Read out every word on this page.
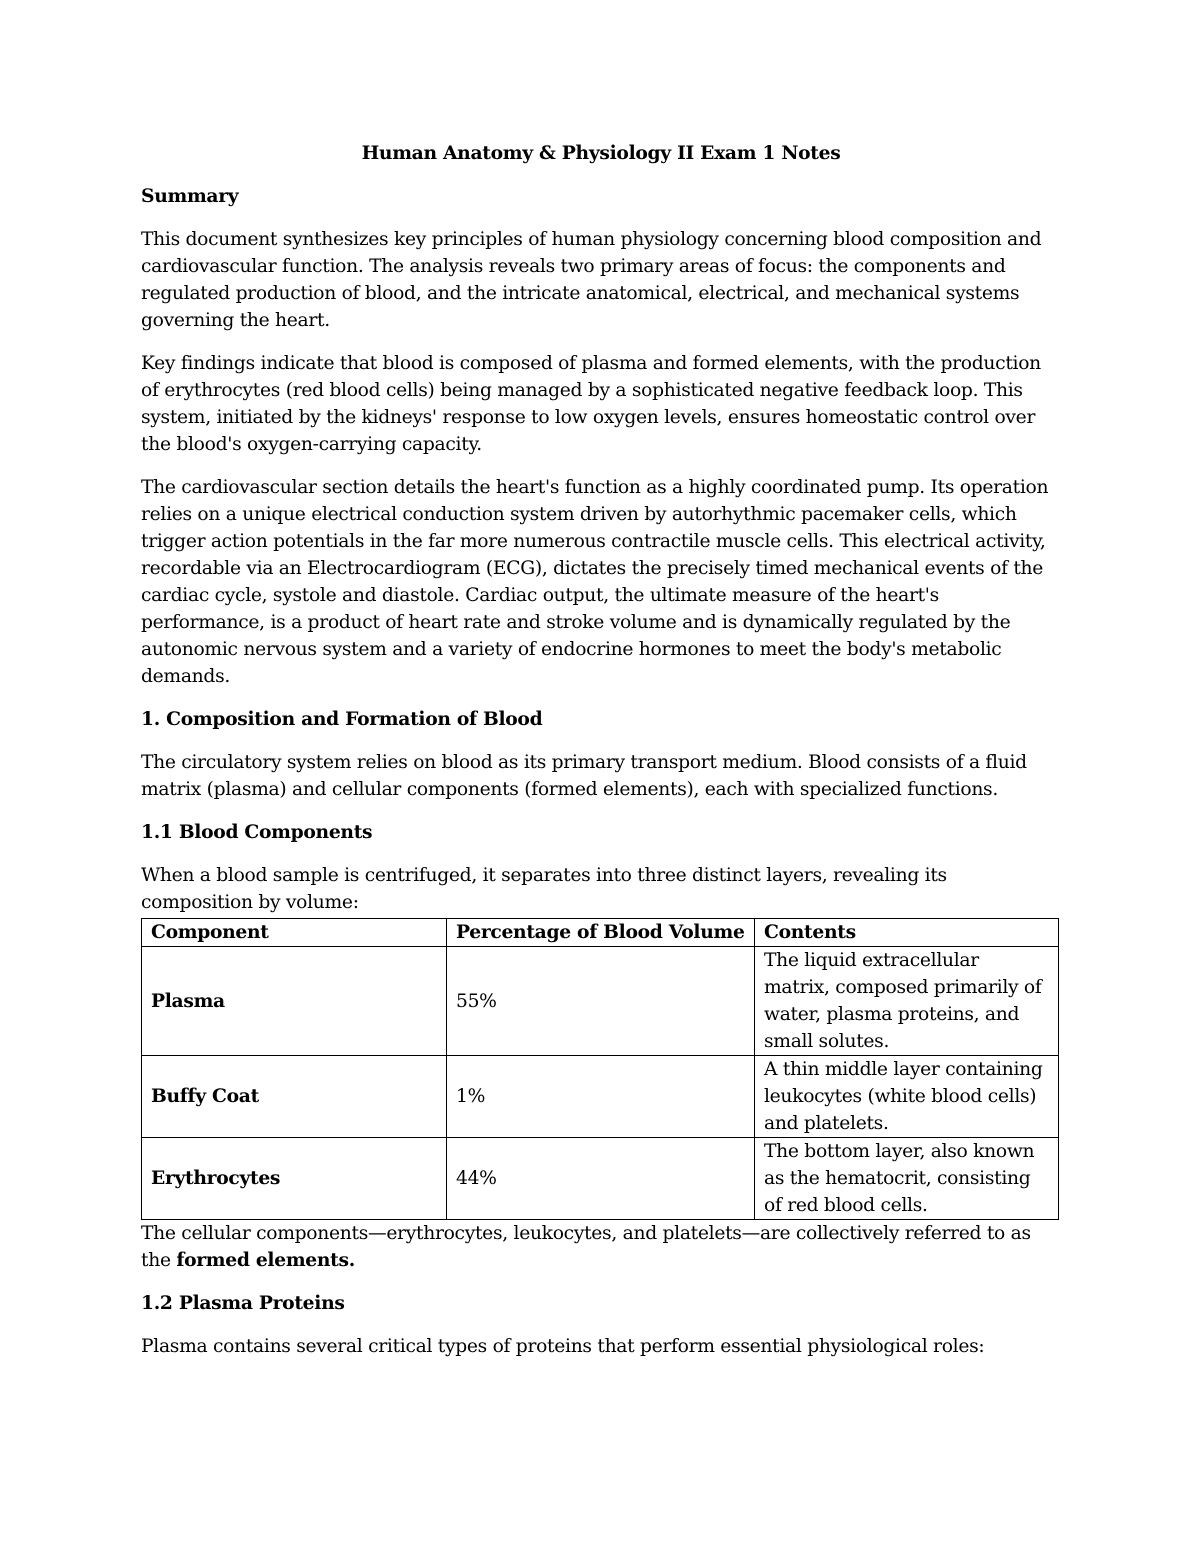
Human Anatomy & Physiology II Exam 1 Notes
Summary

This document synthesizes key principles of human physiology concerning blood composition and cardiovascular function. The analysis reveals two primary areas of focus: the components and regulated production of blood, and the intricate anatomical, electrical, and mechanical systems governing the heart.

Key findings indicate that blood is composed of plasma and formed elements, with the production of erythrocytes (red blood cells) being managed by a sophisticated negative feedback loop. This system, initiated by the kidneys' response to low oxygen levels, ensures homeostatic control over the blood's oxygen-carrying capacity.

The cardiovascular section details the heart's function as a highly coordinated pump. Its operation relies on a unique electrical conduction system driven by autorhythmic pacemaker cells, which trigger action potentials in the far more numerous contractile muscle cells. This electrical activity, recordable via an Electrocardiogram (ECG), dictates the precisely timed mechanical events of the cardiac cycle, systole and diastole. Cardiac output, the ultimate measure of the heart's performance, is a product of heart rate and stroke volume and is dynamically regulated by the autonomic nervous system and a variety of endocrine hormones to meet the body's metabolic demands.

1. Composition and Formation of Blood

The circulatory system relies on blood as its primary transport medium. Blood consists of a fluid matrix (plasma) and cellular components (formed elements), each with specialized functions.

1.1 Blood Components

When a blood sample is centrifuged, it separates into three distinct layers, revealing its composition by volume:

Component	Percentage of Blood Volume	Contents
Plasma	55%	The liquid extracellular matrix, composed primarily of water, plasma proteins, and small solutes.
Buffy Coat	1%	A thin middle layer containing leukocytes (white blood cells) and platelets.
Erythrocytes	44%	The bottom layer, also known as the hematocrit, consisting of red blood cells.

The cellular components—erythrocytes, leukocytes, and platelets—are collectively referred to as the formed elements.

1.2 Plasma Proteins

Plasma contains several critical types of proteins that perform essential physiological roles:
